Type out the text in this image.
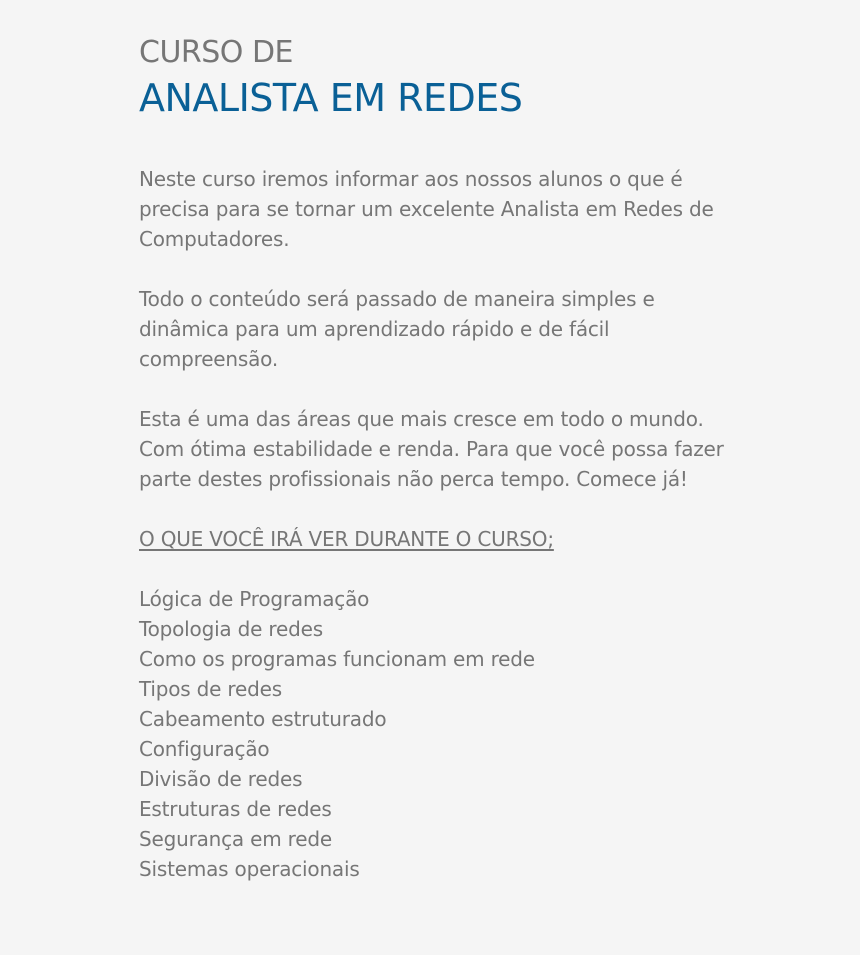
CURSO DE
ANALISTA EM REDES

Neste curso iremos informar aos nossos alunos o que é precisa para se tornar um excelente Analista em Redes de Computadores.

Todo o conteúdo será passado de maneira simples e dinâmica para um aprendizado rápido e de fácil compreensão.

Esta é uma das áreas que mais cresce em todo o mundo. Com ótima estabilidade e renda. Para que você possa fazer parte destes profissionais não perca tempo. Comece já!

O QUE VOCÊ IRÁ VER DURANTE O CURSO;
Lógica de Programação
Topologia de redes
Como os programas funcionam em rede
Tipos de redes
Cabeamento estruturado
Configuração
Divisão de redes
Estruturas de redes
Segurança em rede
Sistemas operacionais
